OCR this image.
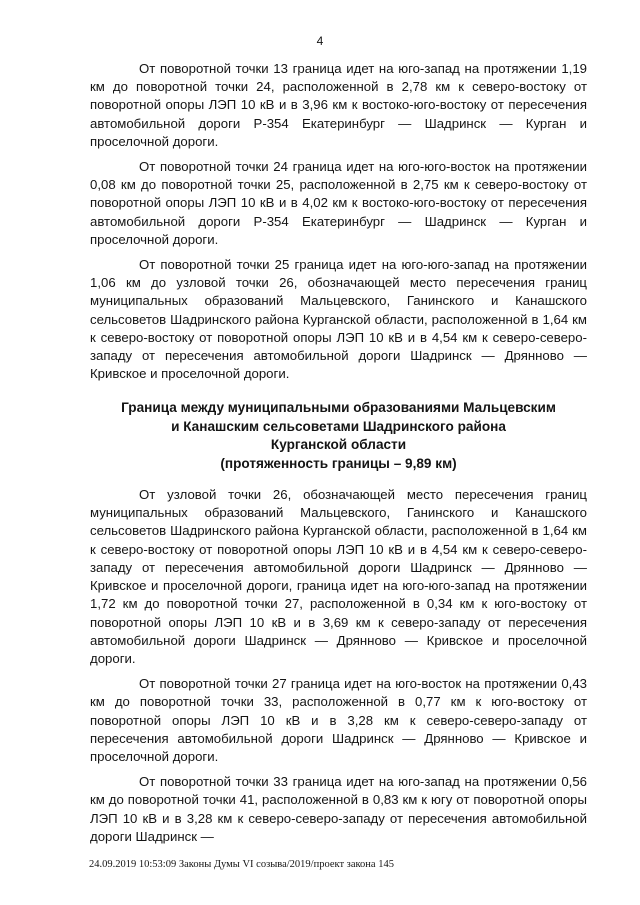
4

От поворотной точки 13 граница идет на юго-запад на протяжении 1,19 км до поворотной точки 24, расположенной в 2,78 км к северо-востоку от поворотной опоры ЛЭП 10 кВ и в 3,96 км к востоко-юго-востоку от пересечения автомобильной дороги Р-354 Екатеринбург — Шадринск — Курган и проселочной дороги.

От поворотной точки 24 граница идет на юго-юго-восток на протяжении 0,08 км до поворотной точки 25, расположенной в 2,75 км к северо-востоку от поворотной опоры ЛЭП 10 кВ и в 4,02 км к востоко-юго-востоку от пересечения автомобильной дороги Р-354 Екатеринбург — Шадринск — Курган и проселочной дороги.

От поворотной точки 25 граница идет на юго-юго-запад на протяжении 1,06 км до узловой точки 26, обозначающей место пересечения границ муниципальных образований Мальцевского, Ганинского и Канашского сельсоветов Шадринского района Курганской области, расположенной в 1,64 км к северо-востоку от поворотной опоры ЛЭП 10 кВ и в 4,54 км к северо-северо-западу от пересечения автомобильной дороги Шадринск — Дрянново — Кривское и проселочной дороги.

Граница между муниципальными образованиями Мальцевским
и Канашским сельсоветами Шадринского района
Курганской области
(протяженность границы – 9,89 км)

От узловой точки 26, обозначающей место пересечения границ муниципальных образований Мальцевского, Ганинского и Канашского сельсоветов Шадринского района Курганской области, расположенной в 1,64 км к северо-востоку от поворотной опоры ЛЭП 10 кВ и в 4,54 км к северо-северо-западу от пересечения автомобильной дороги Шадринск — Дрянново — Кривское и проселочной дороги, граница идет на юго-юго-запад на протяжении 1,72 км до поворотной точки 27, расположенной в 0,34 км к юго-востоку от поворотной опоры ЛЭП 10 кВ и в 3,69 км к северо-западу от пересечения автомобильной дороги Шадринск — Дрянново — Кривское и проселочной дороги.

От поворотной точки 27 граница идет на юго-восток на протяжении 0,43 км до поворотной точки 33, расположенной в 0,77 км к юго-востоку от поворотной опоры ЛЭП 10 кВ и в 3,28 км к северо-северо-западу от пересечения автомобильной дороги Шадринск — Дрянново — Кривское и проселочной дороги.

От поворотной точки 33 граница идет на юго-запад на протяжении 0,56 км до поворотной точки 41, расположенной в 0,83 км к югу от поворотной опоры ЛЭП 10 кВ и в 3,28 км к северо-северо-западу от пересечения автомобильной дороги Шадринск —

24.09.2019 10:53:09 Законы Думы VI созыва/2019/проект закона 145
